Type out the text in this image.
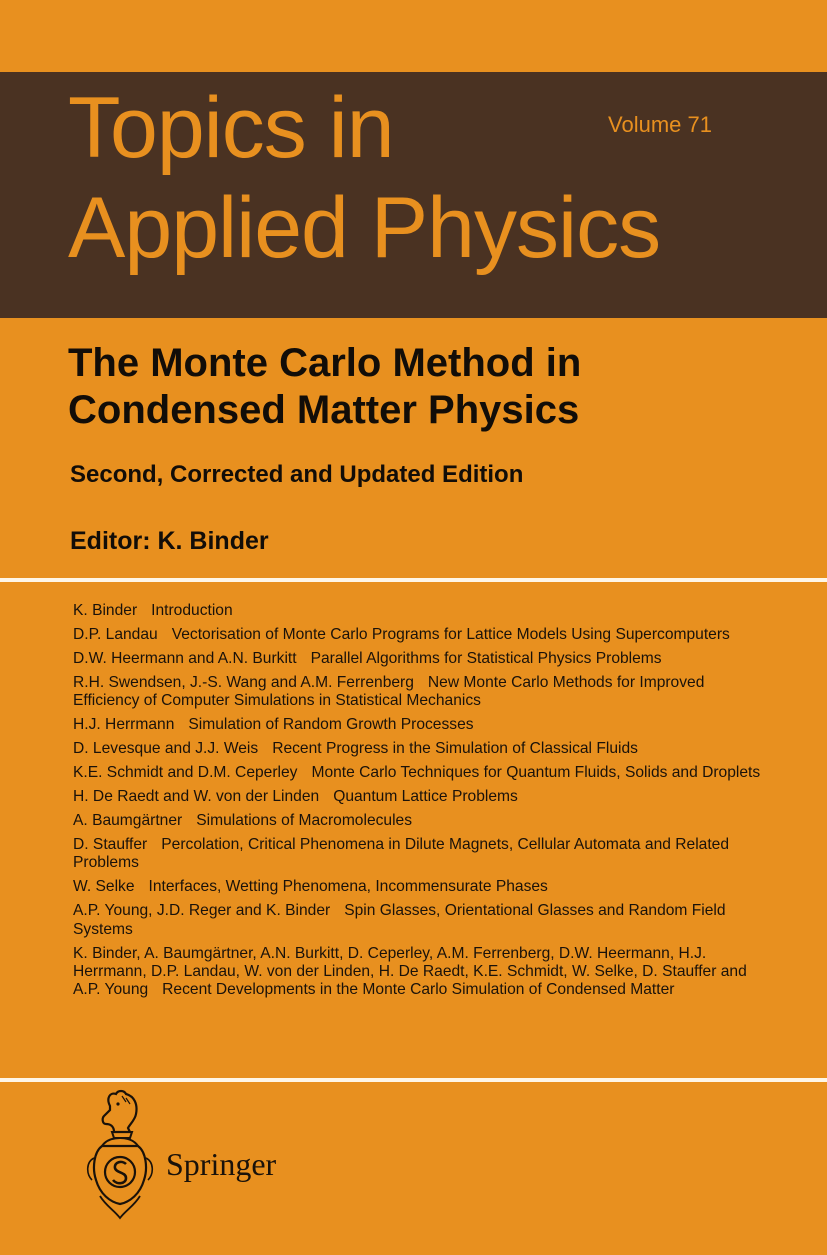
Topics in
Applied Physics
Volume 71
The Monte Carlo Method in
Condensed Matter Physics
Second, Corrected and Updated Edition
Editor: K. Binder
K. Binder Introduction
D.P. Landau Vectorisation of Monte Carlo Programs for Lattice Models Using Supercomputers
D.W. Heermann and A.N. Burkitt Parallel Algorithms for Statistical Physics Problems
R.H. Swendsen, J.-S. Wang and A.M. Ferrenberg New Monte Carlo Methods for Improved Efficiency of Computer Simulations in Statistical Mechanics
H.J. Herrmann Simulation of Random Growth Processes
D. Levesque and J.J. Weis Recent Progress in the Simulation of Classical Fluids
K.E. Schmidt and D.M. Ceperley Monte Carlo Techniques for Quantum Fluids, Solids and Droplets
H. De Raedt and W. von der Linden Quantum Lattice Problems
A. Baumgärtner Simulations of Macromolecules
D. Stauffer Percolation, Critical Phenomena in Dilute Magnets, Cellular Automata and Related Problems
W. Selke Interfaces, Wetting Phenomena, Incommensurate Phases
A.P. Young, J.D. Reger and K. Binder Spin Glasses, Orientational Glasses and Random Field Systems
K. Binder, A. Baumgärtner, A.N. Burkitt, D. Ceperley, A.M. Ferrenberg, D.W. Heermann, H.J. Herrmann, D.P. Landau, W. von der Linden, H. De Raedt, K.E. Schmidt, W. Selke, D. Stauffer and A.P. Young Recent Developments in the Monte Carlo Simulation of Condensed Matter
Springer
